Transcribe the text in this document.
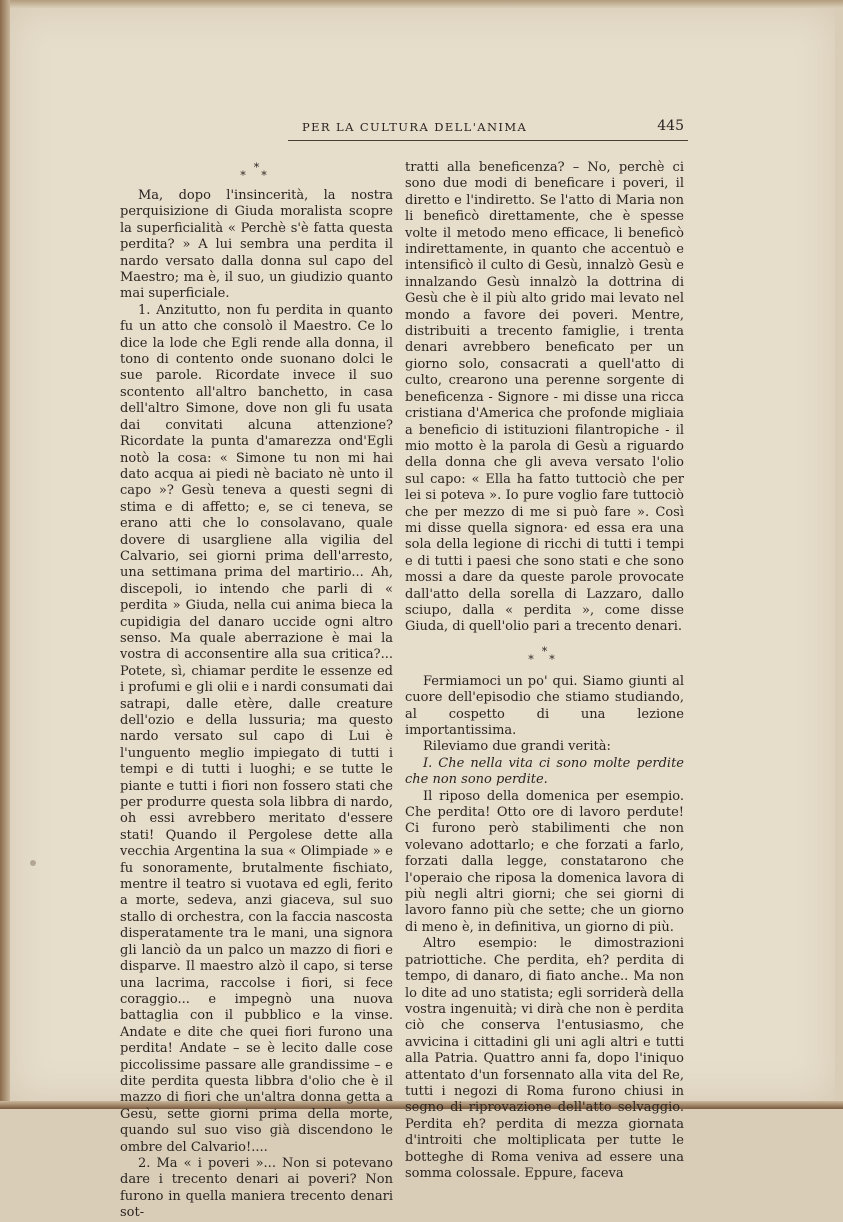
PER LA CULTURA DELL'ANIMA	445
*
* *

Ma, dopo l'insincerità, la nostra perquisizione di Giuda moralista scopre la superficialità « Perchè s'è fatta questa perdita? » A lui sembra una perdita il nardo versato dalla donna sul capo del Maestro; ma è, il suo, un giudizio quanto mai superficiale.

1. Anzitutto, non fu perdita in quanto fu un atto che consolò il Maestro. Ce lo dice la lode che Egli rende alla donna, il tono di contento onde suonano dolci le sue parole. Ricordate invece il suo scontento all'altro banchetto, in casa dell'altro Simone, dove non gli fu usata dai convitati alcuna attenzione? Ricordate la punta d'amarezza ond'Egli notò la cosa: « Simone tu non mi hai dato acqua ai piedi nè baciato nè unto il capo »? Gesù teneva a questi segni di stima e di affetto; e, se ci teneva, se erano atti che lo consolavano, quale dovere di usargliene alla vigilia del Calvario, sei giorni prima dell'arresto, una settimana prima del martirio... Ah, discepoli, io intendo che parli di « perdita » Giuda, nella cui anima bieca la cupidigia del danaro uccide ogni altro senso. Ma quale aberrazione è mai la vostra di acconsentire alla sua critica?... Potete, sì, chiamar perdite le essenze ed i profumi e gli olii e i nardi consumati dai satrapi, dalle etère, dalle creature dell'ozio e della lussuria; ma questo nardo versato sul capo di Lui è l'unguento meglio impiegato di tutti i tempi e di tutti i luoghi; e se tutte le piante e tutti i fiori non fossero stati che per produrre questa sola libbra di nardo, oh essi avrebbero meritato d'essere stati! Quando il Pergolese dette alla vecchia Argentina la sua « Olimpiade » e fu sonoramente, brutalmente fischiato, mentre il teatro si vuotava ed egli, ferito a morte, sedeva, anzi giaceva, sul suo stallo di orchestra, con la faccia nascosta disperatamente tra le mani, una signora gli lanciò da un palco un mazzo di fiori e disparve. Il maestro alzò il capo, si terse una lacrima, raccolse i fiori, si fece coraggio... e impegnò una nuova battaglia con il pubblico e la vinse. Andate e dite che quei fiori furono una perdita! Andate – se è lecito dalle cose piccolissime passare alle grandissime – e dite perdita questa libbra d'olio che è il mazzo di fiori che un'altra donna getta a Gesù, sette giorni prima della morte, quando sul suo viso già discendono le ombre del Calvario!....

2. Ma « i poveri »... Non si potevano dare i trecento denari ai poveri? Non furono in quella maniera trecento denari sot-

tratti alla beneficenza? – No, perchè ci sono due modi di beneficare i poveri, il diretto e l'indiretto. Se l'atto di Maria non li beneficò direttamente, che è spesse volte il metodo meno efficace, li beneficò indirettamente, in quanto che accentuò e intensificò il culto di Gesù, innalzò Gesù e innalzando Gesù innalzò la dottrina di Gesù che è il più alto grido mai levato nel mondo a favore dei poveri. Mentre, distribuiti a trecento famiglie, i trenta denari avrebbero beneficato per un giorno solo, consacrati a quell'atto di culto, crearono una perenne sorgente di beneficenza - Signore - mi disse una ricca cristiana d'America che profonde migliaia a beneficio di istituzioni filantropiche - il mio motto è la parola di Gesù a riguardo della donna che gli aveva versato l'olio sul capo: « Ella ha fatto tuttociò che per lei si poteva ». Io pure voglio fare tuttociò che per mezzo di me si può fare ». Così mi disse quella signora· ed essa era una sola della legione di ricchi di tutti i tempi e di tutti i paesi che sono stati e che sono mossi a dare da queste parole provocate dall'atto della sorella di Lazzaro, dallo sciupo, dalla « perdita », come disse Giuda, di quell'olio pari a trecento denari.

*
* *

Fermiamoci un po' qui. Siamo giunti al cuore dell'episodio che stiamo studiando, al cospetto di una lezione importantissima.

Rileviamo due grandi verità:

I. Che nella vita ci sono molte perdite che non sono perdite.

Il riposo della domenica per esempio. Che perdita! Otto ore di lavoro perdute! Ci furono però stabilimenti che non volevano adottarlo; e che forzati a farlo, forzati dalla legge, constatarono che l'operaio che riposa la domenica lavora di più negli altri giorni; che sei giorni di lavoro fanno più che sette; che un giorno di meno è, in definitiva, un giorno di più.

Altro esempio: le dimostrazioni patriottiche. Che perdita, eh? perdita di tempo, di danaro, di fiato anche.. Ma non lo dite ad uno statista; egli sorriderà della vostra ingenuità; vi dirà che non è perdita ciò che conserva l'entusiasmo, che avvicina i cittadini gli uni agli altri e tutti alla Patria. Quattro anni fa, dopo l'iniquo attentato d'un forsennato alla vita del Re, tutti i negozi di Roma furono chiusi in segno di riprovazione dell'atto selvaggio. Perdita eh? perdita di mezza giornata d'introiti che moltiplicata per tutte le botteghe di Roma veniva ad essere una somma colossale. Eppure, faceva
